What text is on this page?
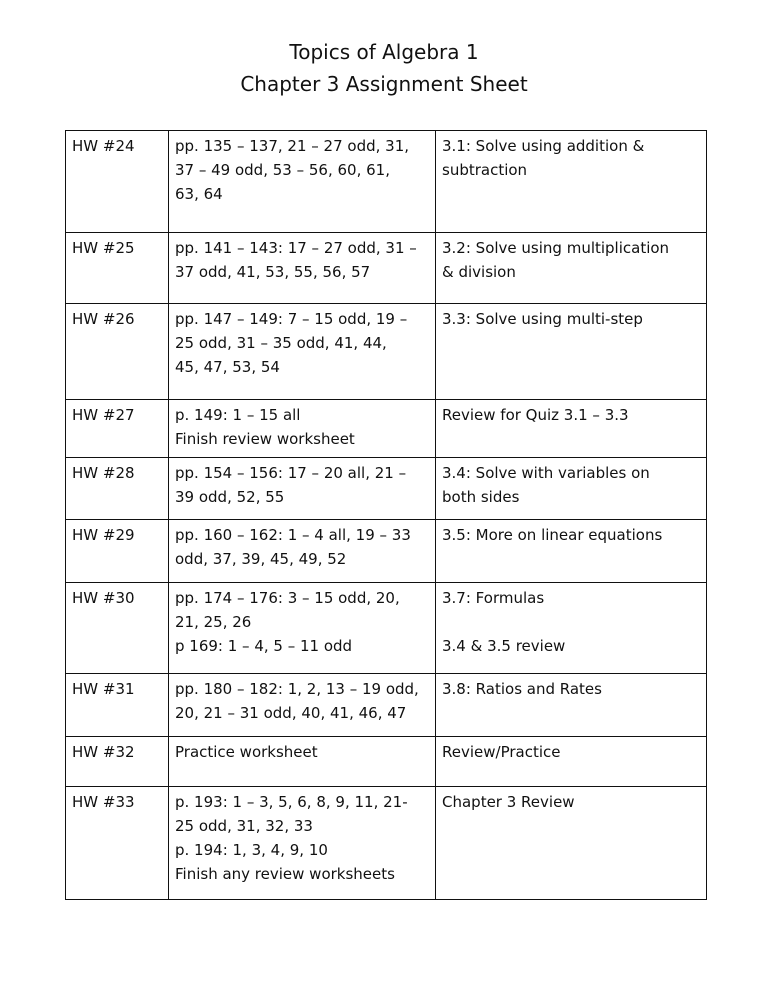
Topics of Algebra 1
Chapter 3 Assignment Sheet
HW #24	pp. 135 – 137, 21 – 27 odd, 31,
37 – 49 odd, 53 – 56, 60, 61,
63, 64	3.1: Solve using addition &
subtraction

HW #25	pp. 141 – 143: 17 – 27 odd, 31 –
37 odd, 41, 53, 55, 56, 57	3.2: Solve using multiplication
& division

HW #26	pp. 147 – 149: 7 – 15 odd, 19 –
25 odd, 31 – 35 odd, 41, 44,
45, 47, 53, 54	3.3: Solve using multi-step

HW #27	p. 149: 1 – 15 all
Finish review worksheet	Review for Quiz 3.1 – 3.3

HW #28	pp. 154 – 156: 17 – 20 all, 21 –
39 odd, 52, 55	3.4: Solve with variables on
both sides

HW #29	pp. 160 – 162: 1 – 4 all, 19 – 33
odd, 37, 39, 45, 49, 52	3.5: More on linear equations

HW #30	pp. 174 – 176: 3 – 15 odd, 20,
21, 25, 26
p 169: 1 – 4, 5 – 11 odd	3.7: Formulas
3.4 & 3.5 review

HW #31	pp. 180 – 182: 1, 2, 13 – 19 odd,
20, 21 – 31 odd, 40, 41, 46, 47	3.8: Ratios and Rates

HW #32	Practice worksheet	Review/Practice

HW #33	p. 193: 1 – 3, 5, 6, 8, 9, 11, 21-
25 odd, 31, 32, 33
p. 194: 1, 3, 4, 9, 10
Finish any review worksheets	Chapter 3 Review
